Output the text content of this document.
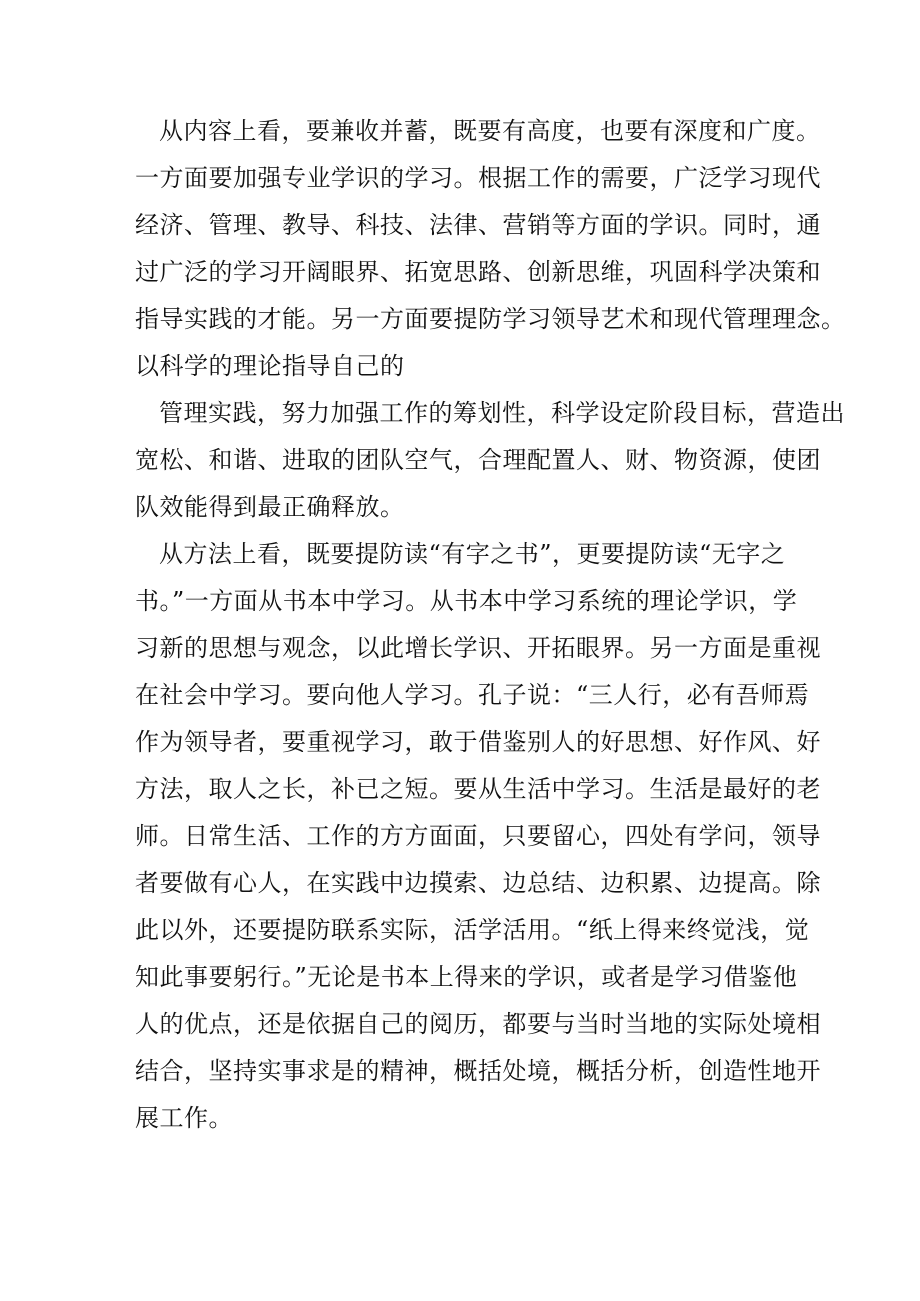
从内容上看，要兼收并蓄，既要有高度，也要有深度和广度。
一方面要加强专业学识的学习。根据工作的需要，广泛学习现代
经济、管理、教导、科技、法律、营销等方面的学识。同时，通
过广泛的学习开阔眼界、拓宽思路、创新思维，巩固科学决策和
指导实践的才能。另一方面要提防学习领导艺术和现代管理理念。
以科学的理论指导自己的
管理实践，努力加强工作的筹划性，科学设定阶段目标，营造出
宽松、和谐、进取的团队空气，合理配置人、财、物资源，使团
队效能得到最正确释放。
从方法上看，既要提防读“有字之书”，更要提防读“无字之
书。”一方面从书本中学习。从书本中学习系统的理论学识，学
习新的思想与观念，以此增长学识、开拓眼界。另一方面是重视
在社会中学习。要向他人学习。孔子说：“三人行，必有吾师焉
作为领导者，要重视学习，敢于借鉴别人的好思想、好作风、好
方法，取人之长，补已之短。要从生活中学习。生活是最好的老
师。日常生活、工作的方方面面，只要留心，四处有学问，领导
者要做有心人，在实践中边摸索、边总结、边积累、边提高。除
此以外，还要提防联系实际，活学活用。“纸上得来终觉浅，觉
知此事要躬行。”无论是书本上得来的学识，或者是学习借鉴他
人的优点，还是依据自己的阅历，都要与当时当地的实际处境相
结合，坚持实事求是的精神，概括处境，概括分析，创造性地开
展工作。
